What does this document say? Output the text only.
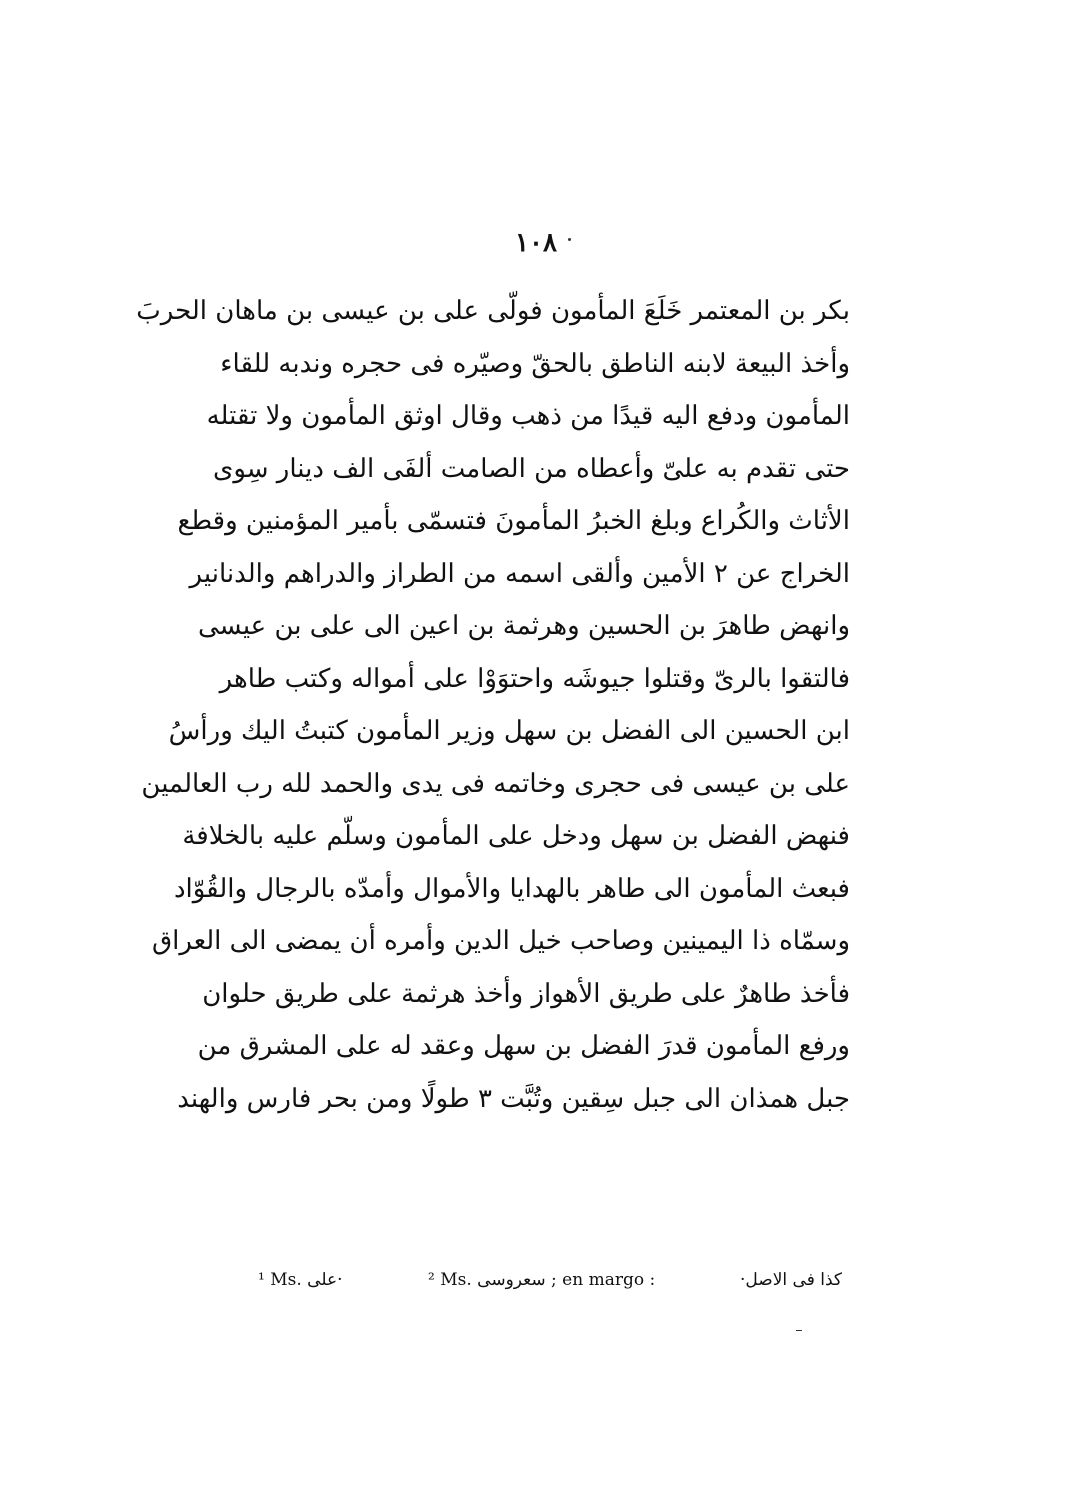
١٠٨
بكر بن المعتمر خَلَعَ المأمون فولّى على بن عيسى بن ماهان الحربَ
وأخذ البيعة لابنه الناطق بالحقّ وصيّره فى حجره وندبه للقاء
المأمون ودفع اليه قيدًا من ذهب وقال اوثق المأمون ولا تقتله
حتى تقدم به علىّ وأعطاه من الصامت ألفَى الف دينار سِوى
الأثاث والكُراع وبلغ الخبرُ المأمونَ فتسمّى بأمير المؤمنين وقطع
الخراج عن ٢ الأمين وألقى اسمه من الطراز والدراهم والدنانير
وانهض طاهرَ بن الحسين وهرثمة بن اعين الى على بن عيسى
فالتقوا بالرىّ وقتلوا جيوشَه واحتوَوْا على أمواله وكتب طاهر
ابن الحسين الى الفضل بن سهل وزير المأمون كتبتُ اليك ورأسُ
على بن عيسى فى حجرى وخاتمه فى يدى والحمد لله رب العالمين
فنهض الفضل بن سهل ودخل على المأمون وسلّم عليه بالخلافة
فبعث المأمون الى طاهر بالهدايا والأموال وأمدّه بالرجال والقُوّاد
وسمّاه ذا اليمينين وصاحب خيل الدين وأمره أن يمضى الى العراق
فأخذ طاهرٌ على طريق الأهواز وأخذ هرثمة على طريق حلوان
ورفع المأمون قدرَ الفضل بن سهل وعقد له على المشرق من
جبل همذان الى جبل سِقين وتُبَّت ٣ طولًا ومن بحر فارس والهند
¹ Ms. على·	² Ms. سعروسى ; en margo :	كذا فى الاصل·
